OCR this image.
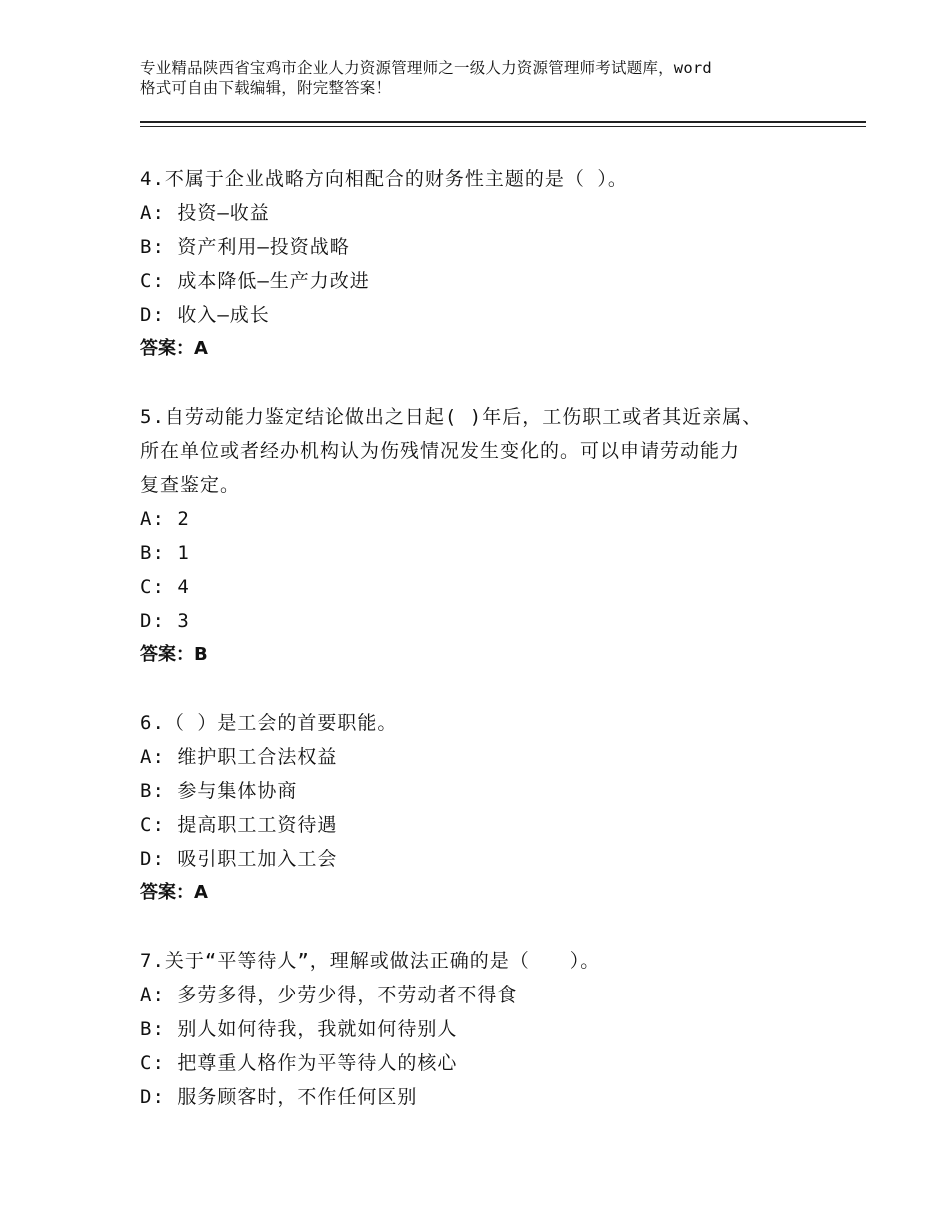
专业精品陕西省宝鸡市企业人力资源管理师之一级人力资源管理师考试题库，word
格式可自由下载编辑，附完整答案！

4.不属于企业战略方向相配合的财务性主题的是（ ）。

A: 投资—收益

B: 资产利用—投资战略

C: 成本降低—生产力改进

D: 收入—成长

答案：A

5.自劳动能力鉴定结论做出之日起( )年后，工伤职工或者其近亲属、

所在单位或者经办机构认为伤残情况发生变化的。可以申请劳动能力

复查鉴定。

A: 2

B: 1

C: 4

D: 3

答案：B

6.（ ）是工会的首要职能。

A: 维护职工合法权益

B: 参与集体协商

C: 提高职工工资待遇

D: 吸引职工加入工会

答案：A

7.关于“平等待人”，理解或做法正确的是（　　）。

A: 多劳多得，少劳少得，不劳动者不得食

B: 别人如何待我，我就如何待别人

C: 把尊重人格作为平等待人的核心

D: 服务顾客时，不作任何区别
